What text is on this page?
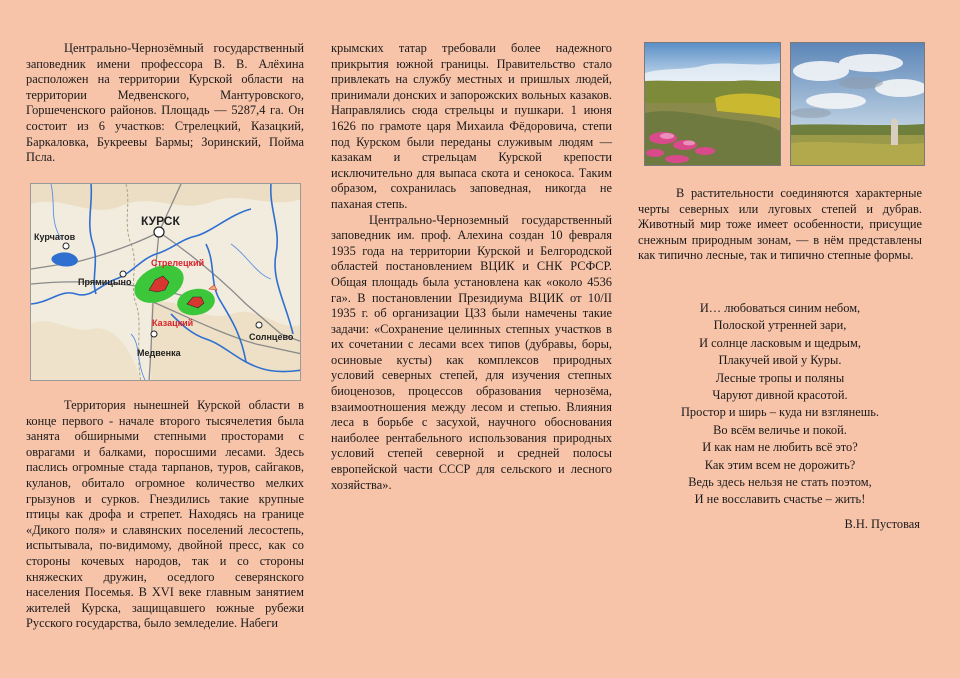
Центрально-Чернозёмный государственный заповедник имени профессора В. В. Алёхина расположен на территории Курской области на территории Медвенского, Мантуровского, Горшеченского районов. Площадь — 5287,4 га. Он состоит из 6 участков: Стрелецкий, Казацкий, Баркаловка, Букреевы Бармы; Зоринский, Пойма Псла.

Территория нынешней Курской области в конце первого - начале второго тысячелетия была занята обширными степными просторами с оврагами и балками, поросшими лесами. Здесь паслись огромные стада тарпанов, туров, сайгаков, куланов, обитало огромное количество мелких грызунов и сурков. Гнездились такие крупные птицы как дрофа и стрепет. Находясь на границе «Дикого поля» и славянских поселений лесостепь, испытывала, по-видимому, двойной пресс, как со стороны кочевых народов, так и со стороны княжеских дружин, оседлого северянского населения Посемья. В XVI веке главным занятием жителей Курска, защищавшего южные рубежи Русского государства, было земледелие. Набеги

КУРСК
Курчатов
Прямицыно
Стрелецкий
Казацкий
Медвенка
Солнцево

крымских татар требовали более надежного прикрытия южной границы. Правительство стало привлекать на службу местных и пришлых людей, принимали донских и запорожских вольных казаков. Направлялись сюда стрельцы и пушкари. 1 июня 1626 по грамоте царя Михаила Фёдоровича, степи под Курском были переданы служивым людям — казакам и стрельцам Курской крепости исключительно для выпаса скота и сенокоса. Таким образом, сохранилась заповедная, никогда не паханая степь.

Центрально-Черноземный государственный заповедник им. проф. Алехина создан 10 февраля 1935 года на территории Курской и Белгородской областей постановлением ВЦИК и СНК РСФСР. Общая площадь была установлена как «около 4536 га». В постановлении Президиума ВЦИК от 10/II 1935 г. об организации ЦЗЗ были намечены такие задачи: «Сохранение целинных степных участков в их сочетании с лесами всех типов (дубравы, боры, осиновые кусты) как комплексов природных условий северных степей, для изучения степных биоценозов, процессов образования чернозёма, взаимоотношения между лесом и степью. Влияния леса в борьбе с засухой, научного обоснования наиболее рентабельного использования природных условий степей северной и средней полосы европейской части СССР для сельского и лесного хозяйства».

В растительности соединяются характерные черты северных или луговых степей и дубрав. Животный мир тоже имеет особенности, присущие снежным природным зонам, — в нём представлены как типично лесные, так и типично степные формы.

И… любоваться синим небом,
Полоской утренней зари,
И солнце ласковым и щедрым,
Плакучей ивой у Куры.
Лесные тропы и поляны
Чаруют дивной красотой.
Простор и ширь – куда ни взглянешь.
Во всём величье и покой.
И как нам не любить всё это?
Как этим всем не дорожить?
Ведь здесь нельзя не стать поэтом,
И не восславить счастье – жить!
В.Н. Пустовая
